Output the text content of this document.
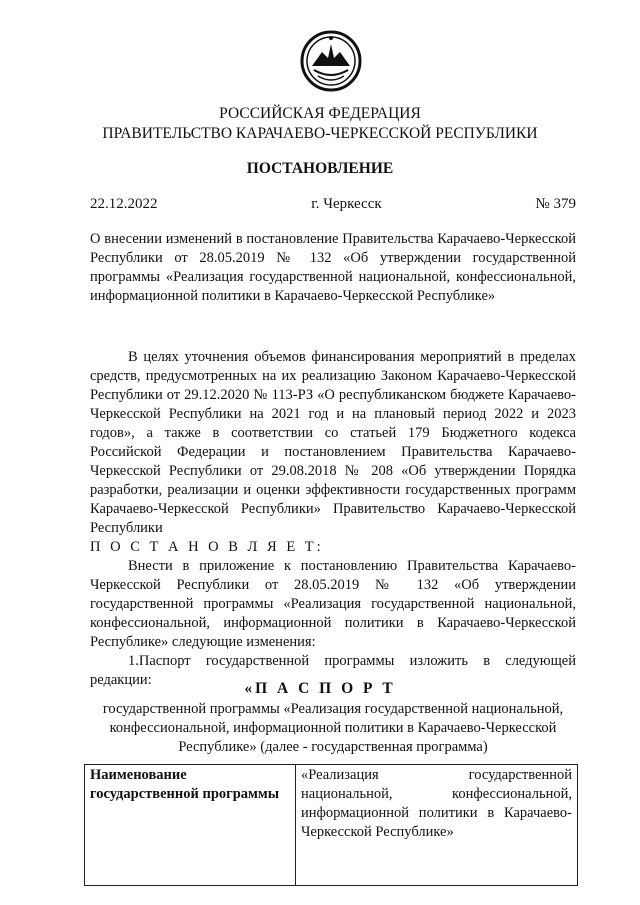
РОССИЙСКАЯ ФЕДЕРАЦИЯ
ПРАВИТЕЛЬСТВО КАРАЧАЕВО-ЧЕРКЕССКОЙ РЕСПУБЛИКИ
ПОСТАНОВЛЕНИЕ
22.12.2022	г. Черкесск	№ 379
О внесении изменений в постановление Правительства Карачаево-Черкесской Республики от 28.05.2019 № 132 «Об утверждении государственной программы «Реализация государственной национальной, конфессиональной, информационной политики в Карачаево-Черкесской Республике»

В целях уточнения объемов финансирования мероприятий в пределах средств, предусмотренных на их реализацию Законом Карачаево-Черкесской Республики от 29.12.2020 № 113-РЗ «О республиканском бюджете Карачаево-Черкесской Республики на 2021 год и на плановый период 2022 и 2023 годов», а также в соответствии со статьей 179 Бюджетного кодекса Российской Федерации и постановлением Правительства Карачаево-Черкесской Республики от 29.08.2018 № 208 «Об утверждении Порядка разработки, реализации и оценки эффективности государственных программ Карачаево-Черкесской Республики» Правительство Карачаево-Черкесской Республики

П О С Т А Н О В Л Я Е Т:

Внести в приложение к постановлению Правительства Карачаево-Черкесской Республики от 28.05.2019 № 132 «Об утверждении государственной программы «Реализация государственной национальной, конфессиональной, информационной политики в Карачаево-Черкесской Республике» следующие изменения:

1.Паспорт государственной программы изложить в следующей редакции:	«П А С П О Р Т
государственной программы «Реализация государственной национальной, конфессиональной, информационной политики в Карачаево-Черкесской Республике» (далее - государственная программа)
Наименование государственной программы	«Реализация государственной национальной, конфессиональной, информационной политики в Карачаево-Черкесской Республике»
